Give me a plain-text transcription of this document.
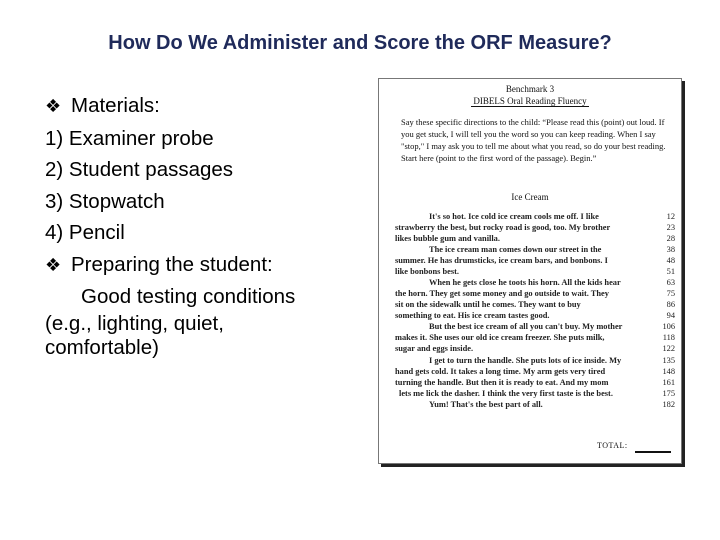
How Do We Administer and Score the ORF Measure?
❖ Materials:
1) Examiner probe
2) Student passages
3) Stopwatch
4) Pencil
❖ Preparing the student:
Good testing conditions
(e.g., lighting, quiet,
comfortable)
Benchmark 3
DIBELS Oral Reading Fluency
Say these specific directions to the child: “Please read this (point) out loud. If you get stuck, I will tell you the word so you can keep reading. When I say "stop," I may ask you to tell me about what you read, so do your best reading. Start here (point to the first word of the passage). Begin.”
Ice Cream
It's so hot. Ice cold ice cream cools me off. I like	12
strawberry the best, but rocky road is good, too. My brother	23
likes bubble gum and vanilla.	28
The ice cream man comes down our street in the	38
summer. He has drumsticks, ice cream bars, and bonbons. I	48
like bonbons best.	51
When he gets close he toots his horn. All the kids hear	63
the horn. They get some money and go outside to wait. They	75
sit on the sidewalk until he comes. They want to buy	86
something to eat. His ice cream tastes good.	94
But the best ice cream of all you can't buy. My mother	106
makes it. She uses our old ice cream freezer. She puts milk,	118
sugar and eggs inside.	122
I get to turn the handle. She puts lots of ice inside. My	135
hand gets cold. It takes a long time. My arm gets very tired	148
turning the handle. But then it is ready to eat. And my mom	161
lets me lick the dasher. I think the very first taste is the best.	175
Yum! That's the best part of all.	182
TOTAL:
